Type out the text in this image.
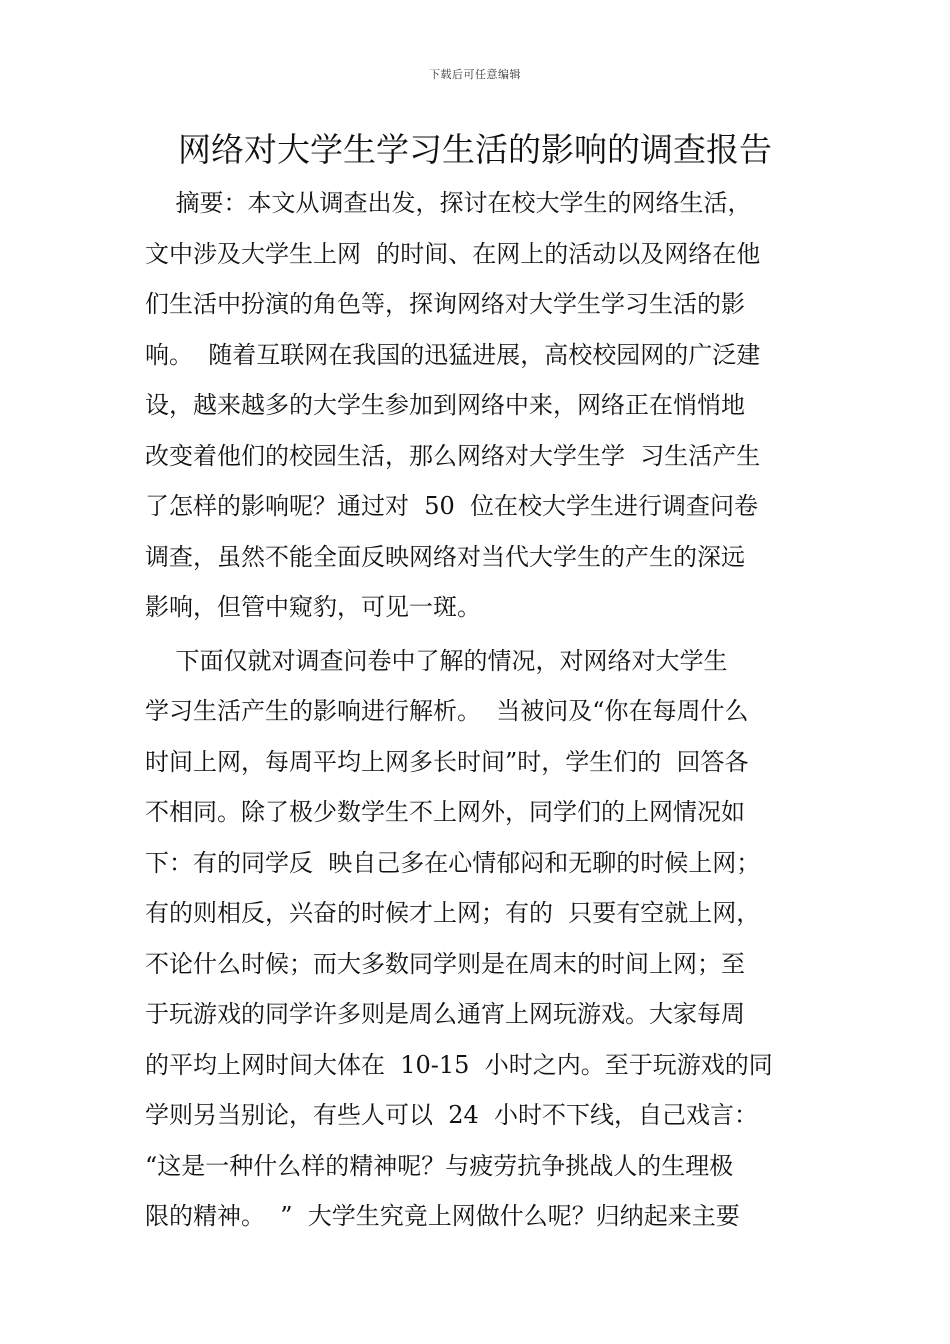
下载后可任意编辑
网络对大学生学习生活的影响的调查报告
摘要：本文从调查出发，探讨在校大学生的网络生活，
文中涉及大学生上网  的时间、在网上的活动以及网络在他
们生活中扮演的角色等，探询网络对大学生学习生活的影
响。  随着互联网在我国的迅猛进展，高校校园网的广泛建
设，越来越多的大学生参加到网络中来，网络正在悄悄地
改变着他们的校园生活，那么网络对大学生学  习生活产生
了怎样的影响呢？通过对  50  位在校大学生进行调查问卷
调查，虽然不能全面反映网络对当代大学生的产生的深远
影响，但管中窥豹，可见一斑。
下面仅就对调查问卷中了解的情况，对网络对大学生
学习生活产生的影响进行解析。  当被问及“你在每周什么
时间上网，每周平均上网多长时间”时，学生们的  回答各
不相同。除了极少数学生不上网外，同学们的上网情况如
下：有的同学反  映自己多在心情郁闷和无聊的时候上网；
有的则相反，兴奋的时候才上网；有的  只要有空就上网，
不论什么时候；而大多数同学则是在周末的时间上网；至
于玩游戏的同学许多则是周么通宵上网玩游戏。大家每周
的平均上网时间大体在  10-15  小时之内。至于玩游戏的同
学则另当别论，有些人可以  24  小时不下线，自己戏言：
“这是一种什么样的精神呢？与疲劳抗争挑战人的生理极
限的精神。  ”  大学生究竟上网做什么呢？归纳起来主要
